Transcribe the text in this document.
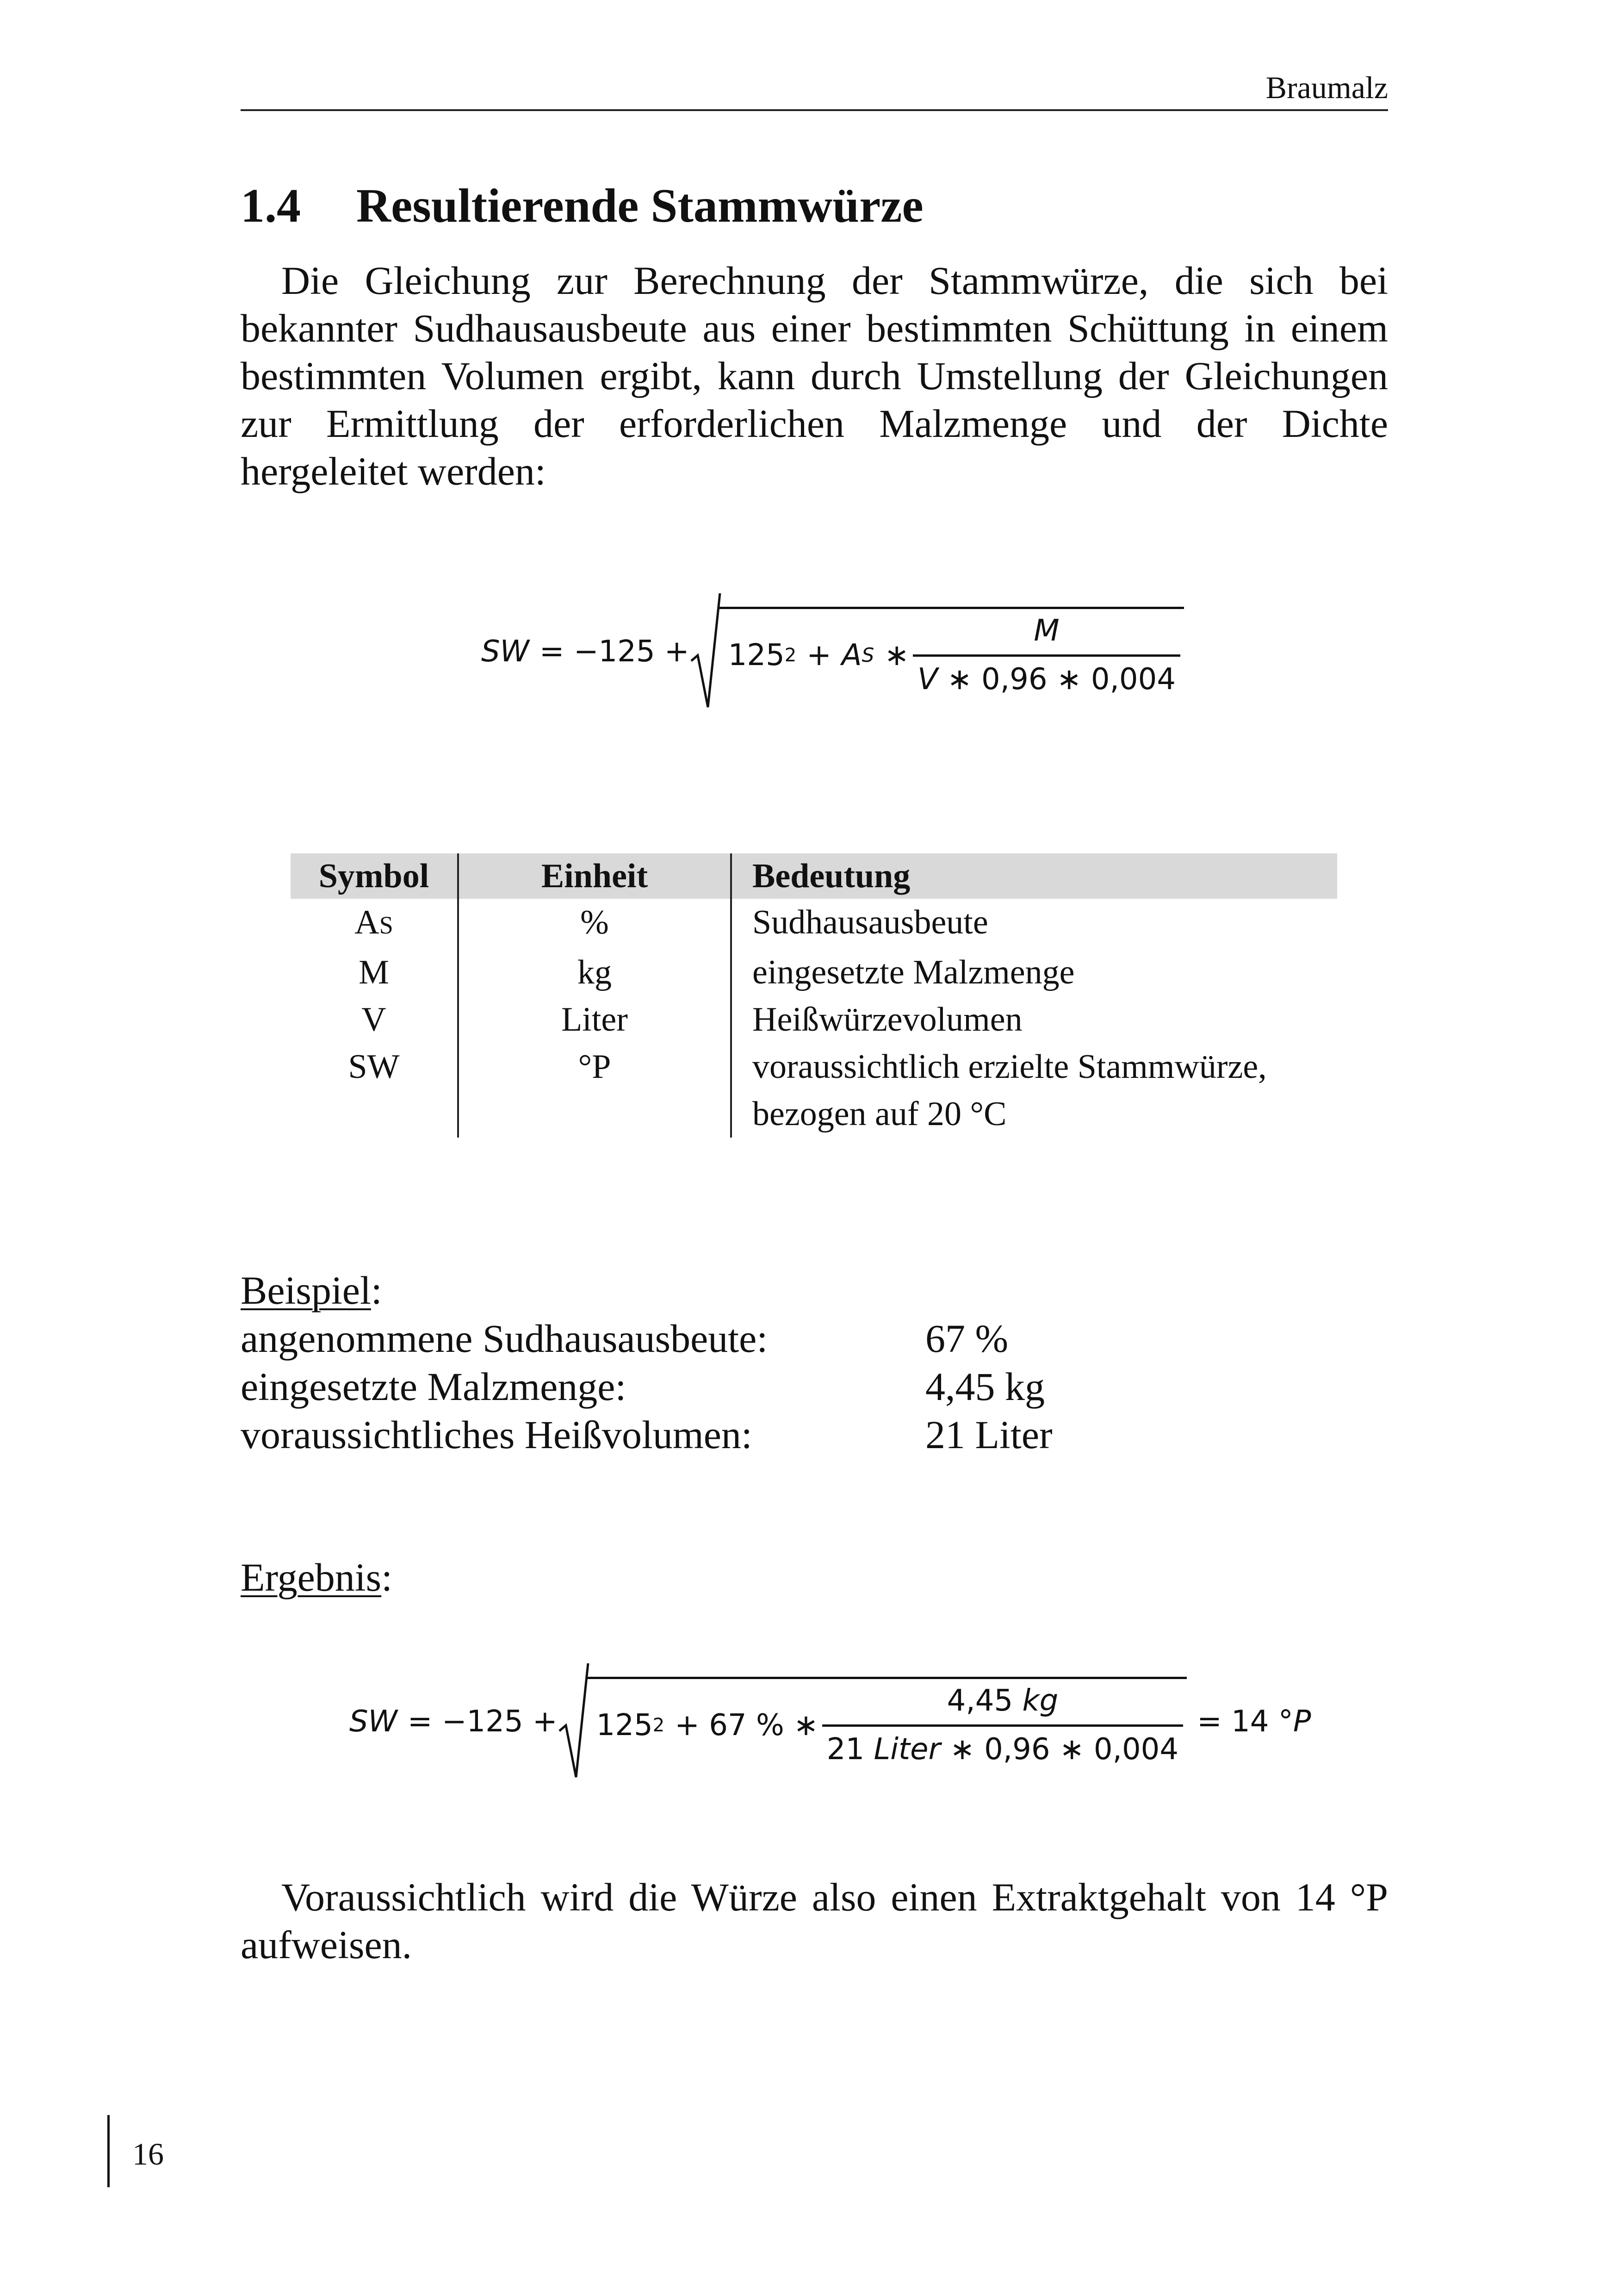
Braumalz
1.4 Resultierende Stammwürze
Die Gleichung zur Berechnung der Stammwürze, die sich bei bekannter Sudhausausbeute aus einer bestimmten Schüttung in einem bestimmten Volumen ergibt, kann durch Umstellung der Gleichungen zur Ermittlung der erforderlichen Malzmenge und der Dichte hergeleitet werden:
SW = −125 + 125 2 + A S ∗ $\frac{M}{V ∗ 0,96 ∗ 0,004}$
Symbol	Einheit	Bedeutung
AS	%	Sudhausausbeute
M	kg	eingesetzte Malzmenge
V	Liter	Heißwürzevolumen
SW	°P	voraussichtlich erzielte Stammwürze,
bezogen auf 20 °C
Beispiel:
angenommene Sudhausausbeute:	67 %
eingesetzte Malzmenge:	4,45 kg
voraussichtliches Heißvolumen:	21 Liter
Ergebnis:
SW = −125 + 125 2 + 67 % ∗ $\frac{4,45 kg}{\text{21 Liter ∗ 0,96 ∗ 0,004}} = 14$ ° P
Voraussichtlich wird die Würze also einen Extraktgehalt von 14 °P aufweisen.
16
